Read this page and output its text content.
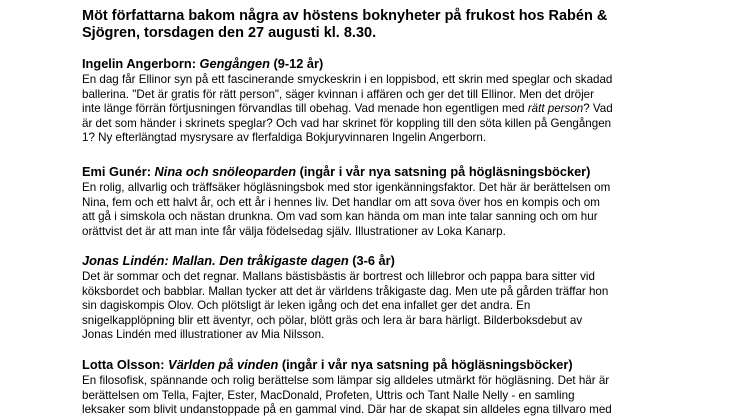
Möt författarna bakom några av höstens boknyheter på frukost hos Rabén &
Sjögren, torsdagen den 27 augusti kl. 8.30.

Ingelin Angerborn: Gengången (9-12 år)

En dag får Ellinor syn på ett fascinerande smyckeskrin i en loppisbod, ett skrin med speglar och skadad
ballerina. "Det är gratis för rätt person", säger kvinnan i affären och ger det till Ellinor. Men det dröjer
inte länge förrän förtjusningen förvandlas till obehag. Vad menade hon egentligen med rätt person? Vad
är det som händer i skrinets speglar? Och vad har skrinet för koppling till den söta killen på Gengången
1? Ny efterlängtad mysrysare av flerfaldiga Bokjuryvinnaren Ingelin Angerborn.

Emi Gunér: Nina och snöleoparden (ingår i vår nya satsning på högläsningsböcker)

En rolig, allvarlig och träffsäker högläsningsbok med stor igenkänningsfaktor. Det här är berättelsen om
Nina, fem och ett halvt år, och ett år i hennes liv. Det handlar om att sova över hos en kompis och om
att gå i simskola och nästan drunkna. Om vad som kan hända om man inte talar sanning och om hur
orättvist det är att man inte får välja födelsedag själv. Illustrationer av Loka Kanarp.

Jonas Lindén: Mallan. Den tråkigaste dagen (3-6 år)

Det är sommar och det regnar. Mallans bästisbästis är bortrest och lillebror och pappa bara sitter vid
köksbordet och babblar. Mallan tycker att det är världens tråkigaste dag. Men ute på gården träffar hon
sin dagiskompis Olov. Och plötsligt är leken igång och det ena infallet ger det andra. En
snigelkapplöpning blir ett äventyr, och pölar, blött gräs och lera är bara härligt. Bilderboksdebut av
Jonas Lindén med illustrationer av Mia Nilsson.

Lotta Olsson: Världen på vinden (ingår i vår nya satsning på högläsningsböcker)

En filosofisk, spännande och rolig berättelse som lämpar sig alldeles utmärkt för högläsning. Det här är
berättelsen om Tella, Fajter, Ester, MacDonald, Profeten, Uttris och Tant Nalle Nelly - en samling
leksaker som blivit undanstoppade på en gammal vind. Där har de skapat sin alldeles egna tillvaro med
